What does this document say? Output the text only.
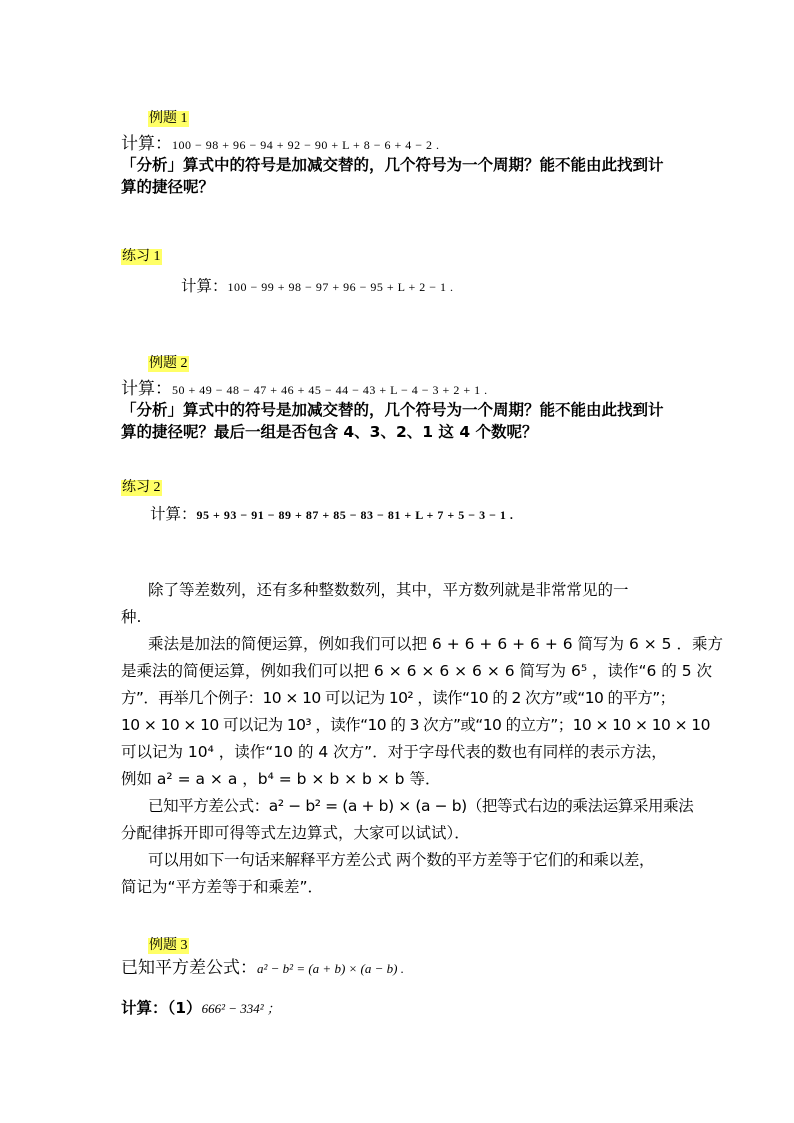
例题 1
计算：100 − 98 + 96 − 94 + 92 − 90 + L + 8 − 6 + 4 − 2 .
「分析」算式中的符号是加减交替的，几个符号为一个周期？能不能由此找到计
算的捷径呢？
练习 1
计算：100 − 99 + 98 − 97 + 96 − 95 + L + 2 − 1 .
例题 2
计算：50 + 49 − 48 − 47 + 46 + 45 − 44 − 43 + L − 4 − 3 + 2 + 1 .
「分析」算式中的符号是加减交替的，几个符号为一个周期？能不能由此找到计
算的捷径呢？最后一组是否包含 4、3、2、1 这 4 个数呢？
练习 2
计算：95 + 93 − 91 − 89 + 87 + 85 − 83 − 81 + L + 7 + 5 − 3 − 1 .
除了等差数列，还有多种整数数列，其中，平方数列就是非常常见的一
种.
乘法是加法的简便运算，例如我们可以把 6 + 6 + 6 + 6 + 6 简写为 6 × 5 ．乘方
是乘法的简便运算，例如我们可以把 6 × 6 × 6 × 6 × 6 简写为 6⁵ ，读作“6 的 5 次
方”．再举几个例子：10 × 10 可以记为 10² ，读作“10 的 2 次方”或“10 的平方”；
10 × 10 × 10 可以记为 10³ ，读作“10 的 3 次方”或“10 的立方”；10 × 10 × 10 × 10
可以记为 10⁴ ，读作“10 的 4 次方”．对于字母代表的数也有同样的表示方法，
例如 a² = a × a ，b⁴ = b × b × b × b 等．
已知平方差公式：a² − b² = (a + b) × (a − b)（把等式右边的乘法运算采用乘法
分配律拆开即可得等式左边算式，大家可以试试）．
可以用如下一句话来解释平方差公式 两个数的平方差等于它们的和乘以差，
简记为“平方差等于和乘差”．
例题 3
已知平方差公式：a² − b² = (a + b) × (a − b) .
计算：（1）666² − 334² ；
